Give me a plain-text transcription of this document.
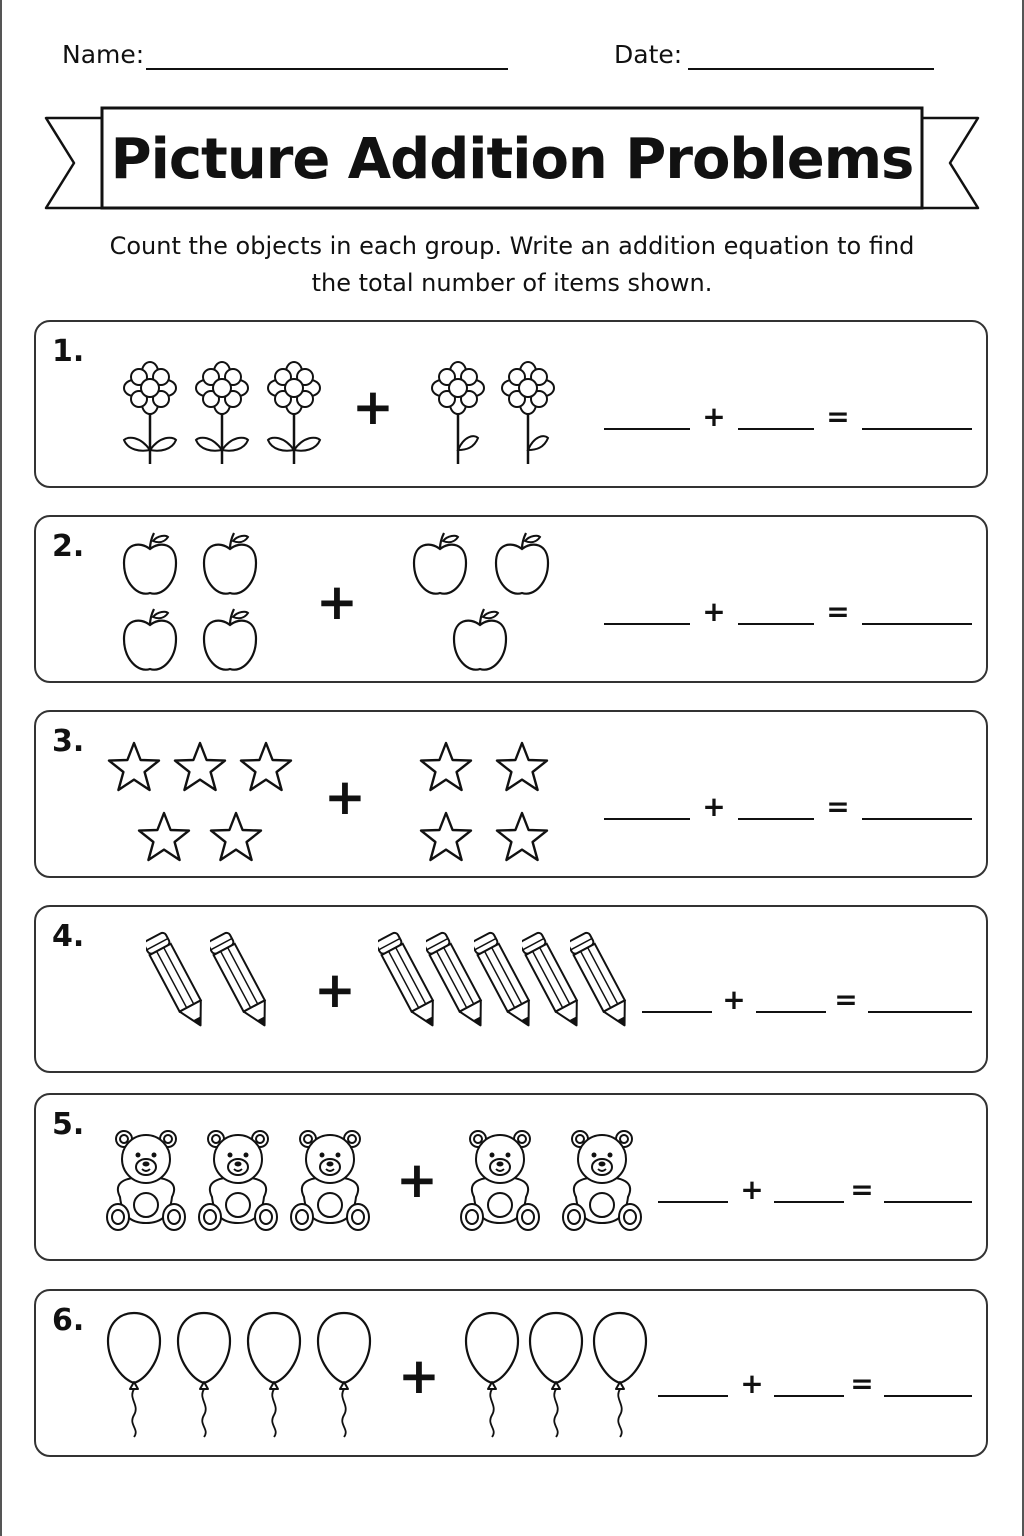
Name:	Date:
Picture Addition Problems
Count the objects in each group. Write an addition equation to find the total number of items shown.
1.
+	+	=
2.
+	+	=
3.
+	+	=
4.
+	+	=
5.
+	+	=
6.
+	+	=
